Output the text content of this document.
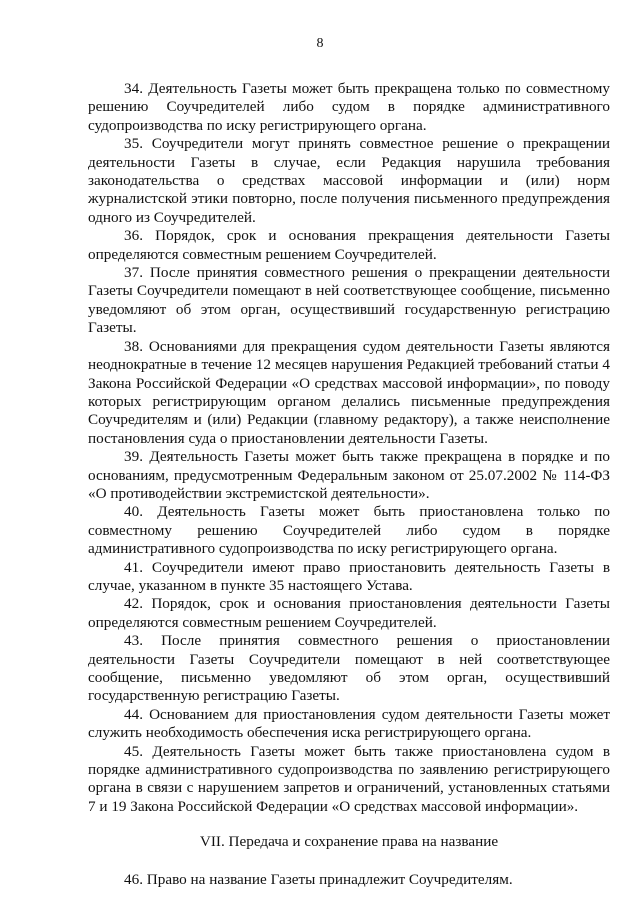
8

34. Деятельность Газеты может быть прекращена только по совместному решению Соучредителей либо судом в порядке административного судопроизводства по иску регистрирующего органа.

35. Соучредители могут принять совместное решение о прекращении деятельности Газеты в случае, если Редакция нарушила требования законодательства о средствах массовой информации и (или) норм журналистской этики повторно, после получения письменного предупреждения одного из Соучредителей.

36. Порядок, срок и основания прекращения деятельности Газеты определяются совместным решением Соучредителей.

37. После принятия совместного решения о прекращении деятельности Газеты Соучредители помещают в ней соответствующее сообщение, письменно уведомляют об этом орган, осуществивший государственную регистрацию Газеты.

38. Основаниями для прекращения судом деятельности Газеты являются неоднократные в течение 12 месяцев нарушения Редакцией требований статьи 4 Закона Российской Федерации «О средствах массовой информации», по поводу которых регистрирующим органом делались письменные предупреждения Соучредителям и (или) Редакции (главному редактору), а также неисполнение постановления суда о приостановлении деятельности Газеты.

39. Деятельность Газеты может быть также прекращена в порядке и по основаниям, предусмотренным Федеральным законом от 25.07.2002 № 114-ФЗ «О противодействии экстремистской деятельности».

40. Деятельность Газеты может быть приостановлена только по совместному решению Соучредителей либо судом в порядке административного судопроизводства по иску регистрирующего органа.

41. Соучредители имеют право приостановить деятельность Газеты в случае, указанном в пункте 35 настоящего Устава.

42. Порядок, срок и основания приостановления деятельности Газеты определяются совместным решением Соучредителей.

43. После принятия совместного решения о приостановлении деятельности Газеты Соучредители помещают в ней соответствующее сообщение, письменно уведомляют об этом орган, осуществивший государственную регистрацию Газеты.

44. Основанием для приостановления судом деятельности Газеты может служить необходимость обеспечения иска регистрирующего органа.

45. Деятельность Газеты может быть также приостановлена судом в порядке административного судопроизводства по заявлению регистрирующего органа в связи с нарушением запретов и ограничений, установленных статьями 7 и 19 Закона Российской Федерации «О средствах массовой информации».

VII. Передача и сохранение права на название

46. Право на название Газеты принадлежит Соучредителям.
